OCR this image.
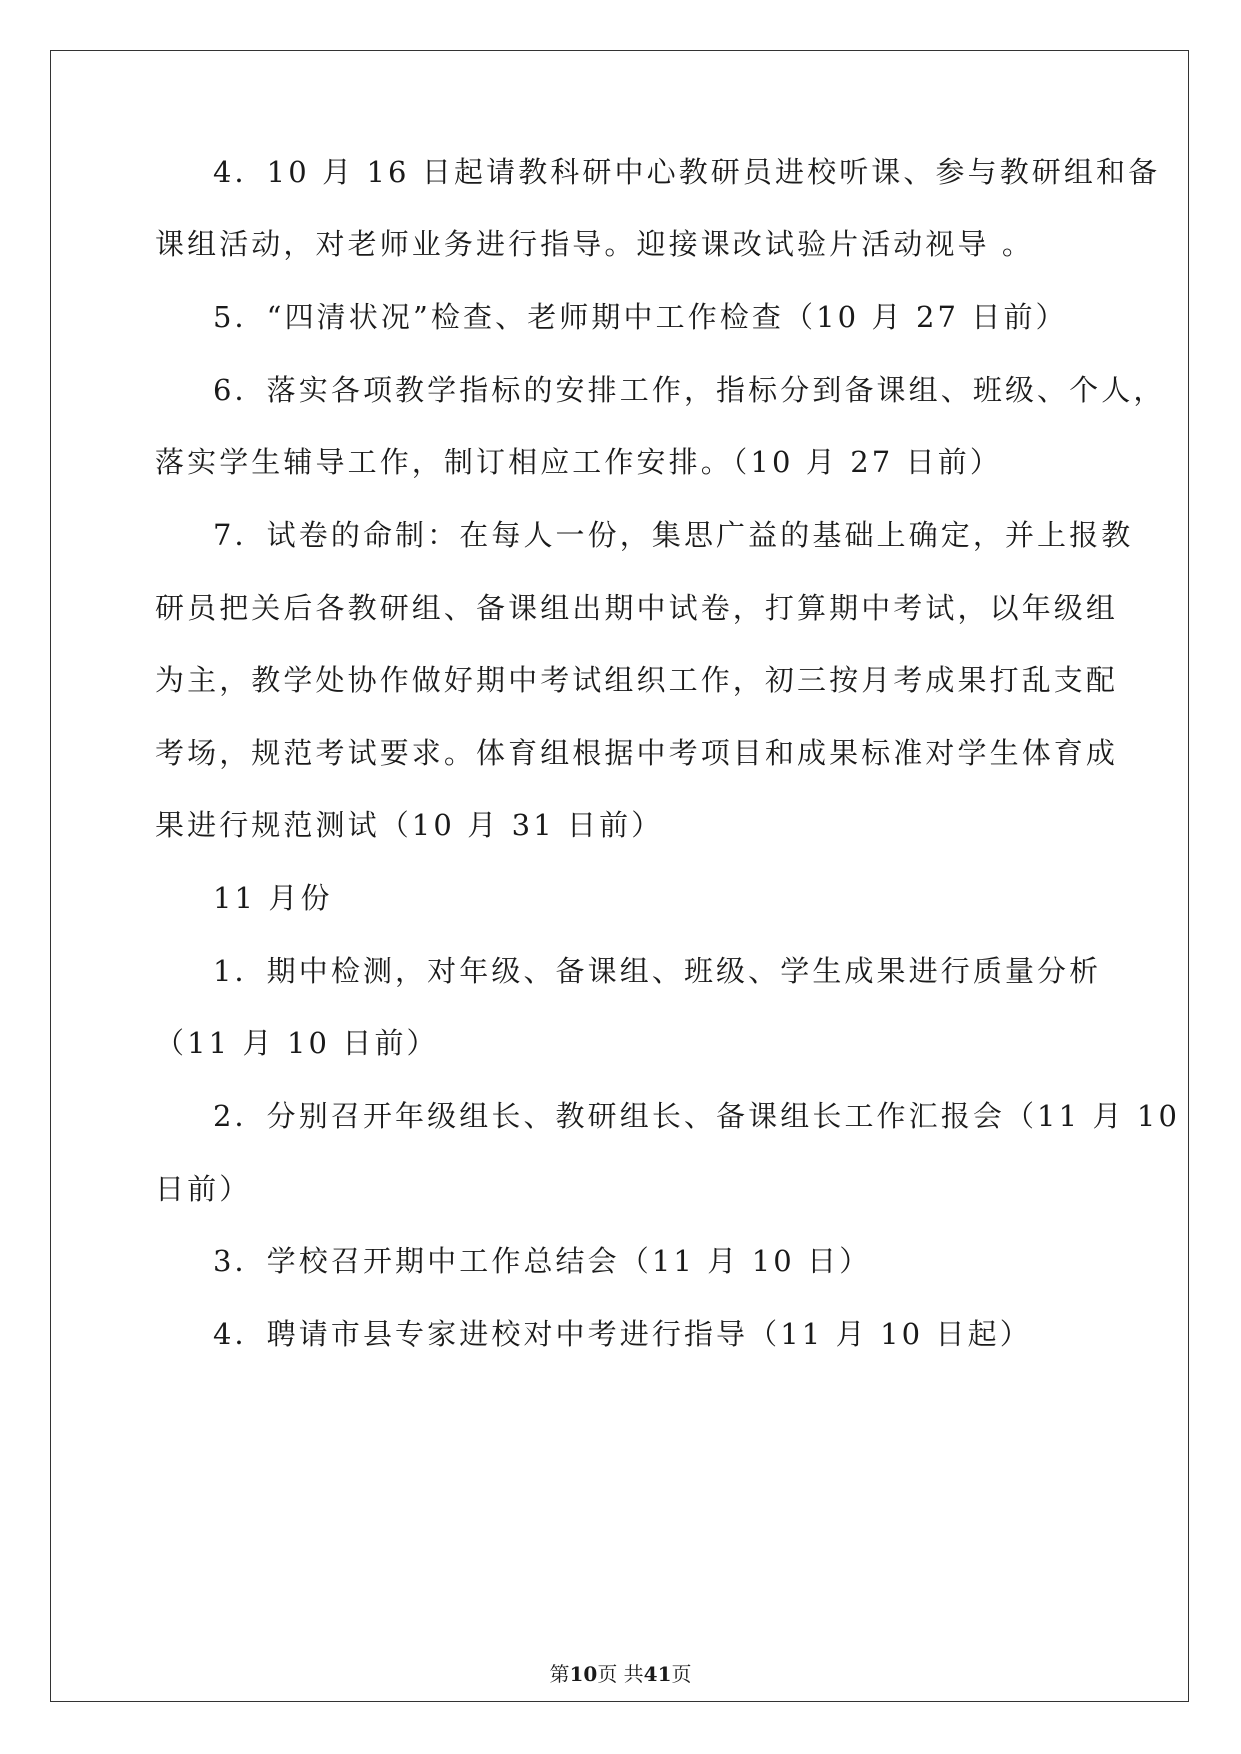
4．10 月 16 日起请教科研中心教研员进校听课、参与教研组和备
课组活动，对老师业务进行指导。迎接课改试验片活动视导 。
5．“四清状况”检查、老师期中工作检查（10 月 27 日前）
6．落实各项教学指标的安排工作，指标分到备课组、班级、个人，
落实学生辅导工作，制订相应工作安排。（10 月 27 日前）
7．试卷的命制：在每人一份，集思广益的基础上确定，并上报教
研员把关后各教研组、备课组出期中试卷，打算期中考试，以年级组
为主，教学处协作做好期中考试组织工作，初三按月考成果打乱支配
考场，规范考试要求。体育组根据中考项目和成果标准对学生体育成
果进行规范测试（10 月 31 日前）
11 月份
1．期中检测，对年级、备课组、班级、学生成果进行质量分析
（11 月 10 日前）
2．分别召开年级组长、教研组长、备课组长工作汇报会（11 月 10
日前）
3．学校召开期中工作总结会（11 月 10 日）
4．聘请市县专家进校对中考进行指导（11 月 10 日起）
第10页 共41页
